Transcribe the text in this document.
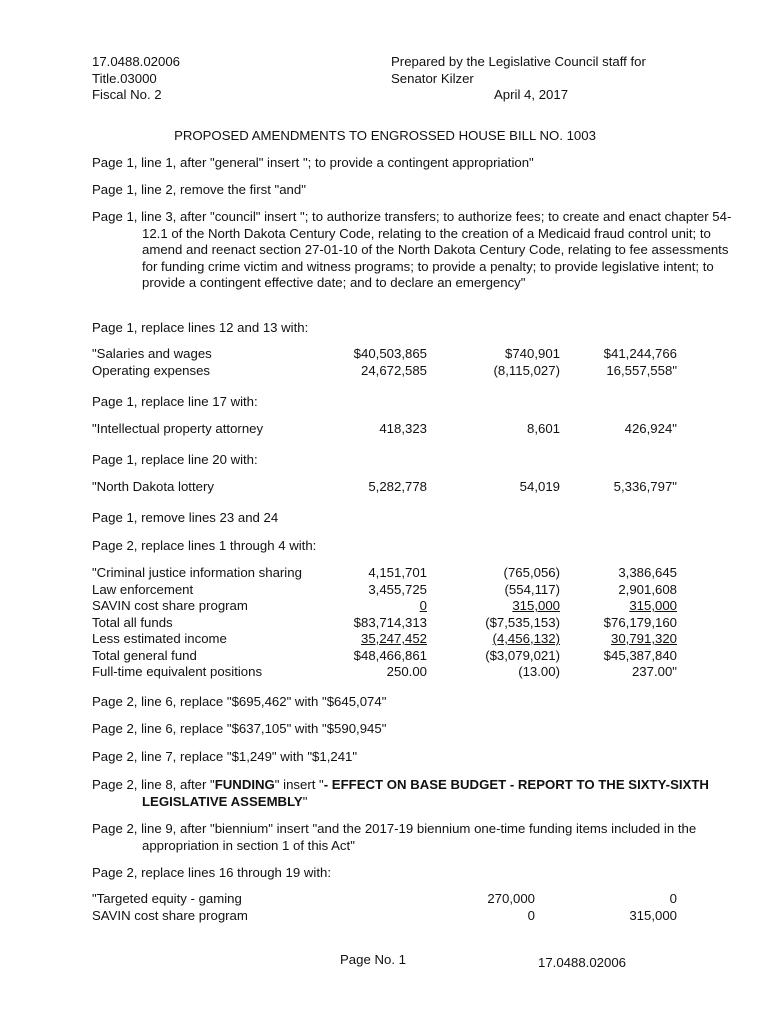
17.0488.02006
Title.03000
Fiscal No. 2
Prepared by the Legislative Council staff for
Senator Kilzer
April 4, 2017
PROPOSED AMENDMENTS TO ENGROSSED HOUSE BILL NO. 1003
Page 1, line 1, after "general" insert "; to provide a contingent appropriation"
Page 1, line 2, remove the first "and"
Page 1, line 3, after "council" insert "; to authorize transfers; to authorize fees; to create and enact chapter 54-12.1 of the North Dakota Century Code, relating to the creation of a Medicaid fraud control unit; to amend and reenact section 27-01-10 of the North Dakota Century Code, relating to fee assessments for funding crime victim and witness programs; to provide a penalty; to provide legislative intent; to provide a contingent effective date; and to declare an emergency"
Page 1, replace lines 12 and 13 with:
"Salaries and wages	$40,503,865	$740,901	$41,244,766
Operating expenses	24,672,585	(8,115,027)	16,557,558"
Page 1, replace line 17 with:
"Intellectual property attorney	418,323	8,601	426,924"
Page 1, replace line 20 with:
"North Dakota lottery	5,282,778	54,019	5,336,797"
Page 1, remove lines 23 and 24
Page 2, replace lines 1 through 4 with:
"Criminal justice information sharing	4,151,701	(765,056)	3,386,645
Law enforcement	3,455,725	(554,117)	2,901,608
SAVIN cost share program	0	315,000	315,000
Total all funds	$83,714,313	($7,535,153)	$76,179,160
Less estimated income	35,247,452	(4,456,132)	30,791,320
Total general fund	$48,466,861	($3,079,021)	$45,387,840
Full-time equivalent positions	250.00	(13.00)	237.00"
Page 2, line 6, replace "$695,462" with "$645,074"
Page 2, line 6, replace "$637,105" with "$590,945"
Page 2, line 7, replace "$1,249" with "$1,241"
Page 2, line 8, after "FUNDING" insert "- EFFECT ON BASE BUDGET - REPORT TO THE SIXTY-SIXTH LEGISLATIVE ASSEMBLY"
Page 2, line 9, after "biennium" insert "and the 2017-19 biennium one-time funding items included in the appropriation in section 1 of this Act"
Page 2, replace lines 16 through 19 with:
"Targeted equity - gaming	270,000	0
SAVIN cost share program	0	315,000
Page No. 1	17.0488.02006
